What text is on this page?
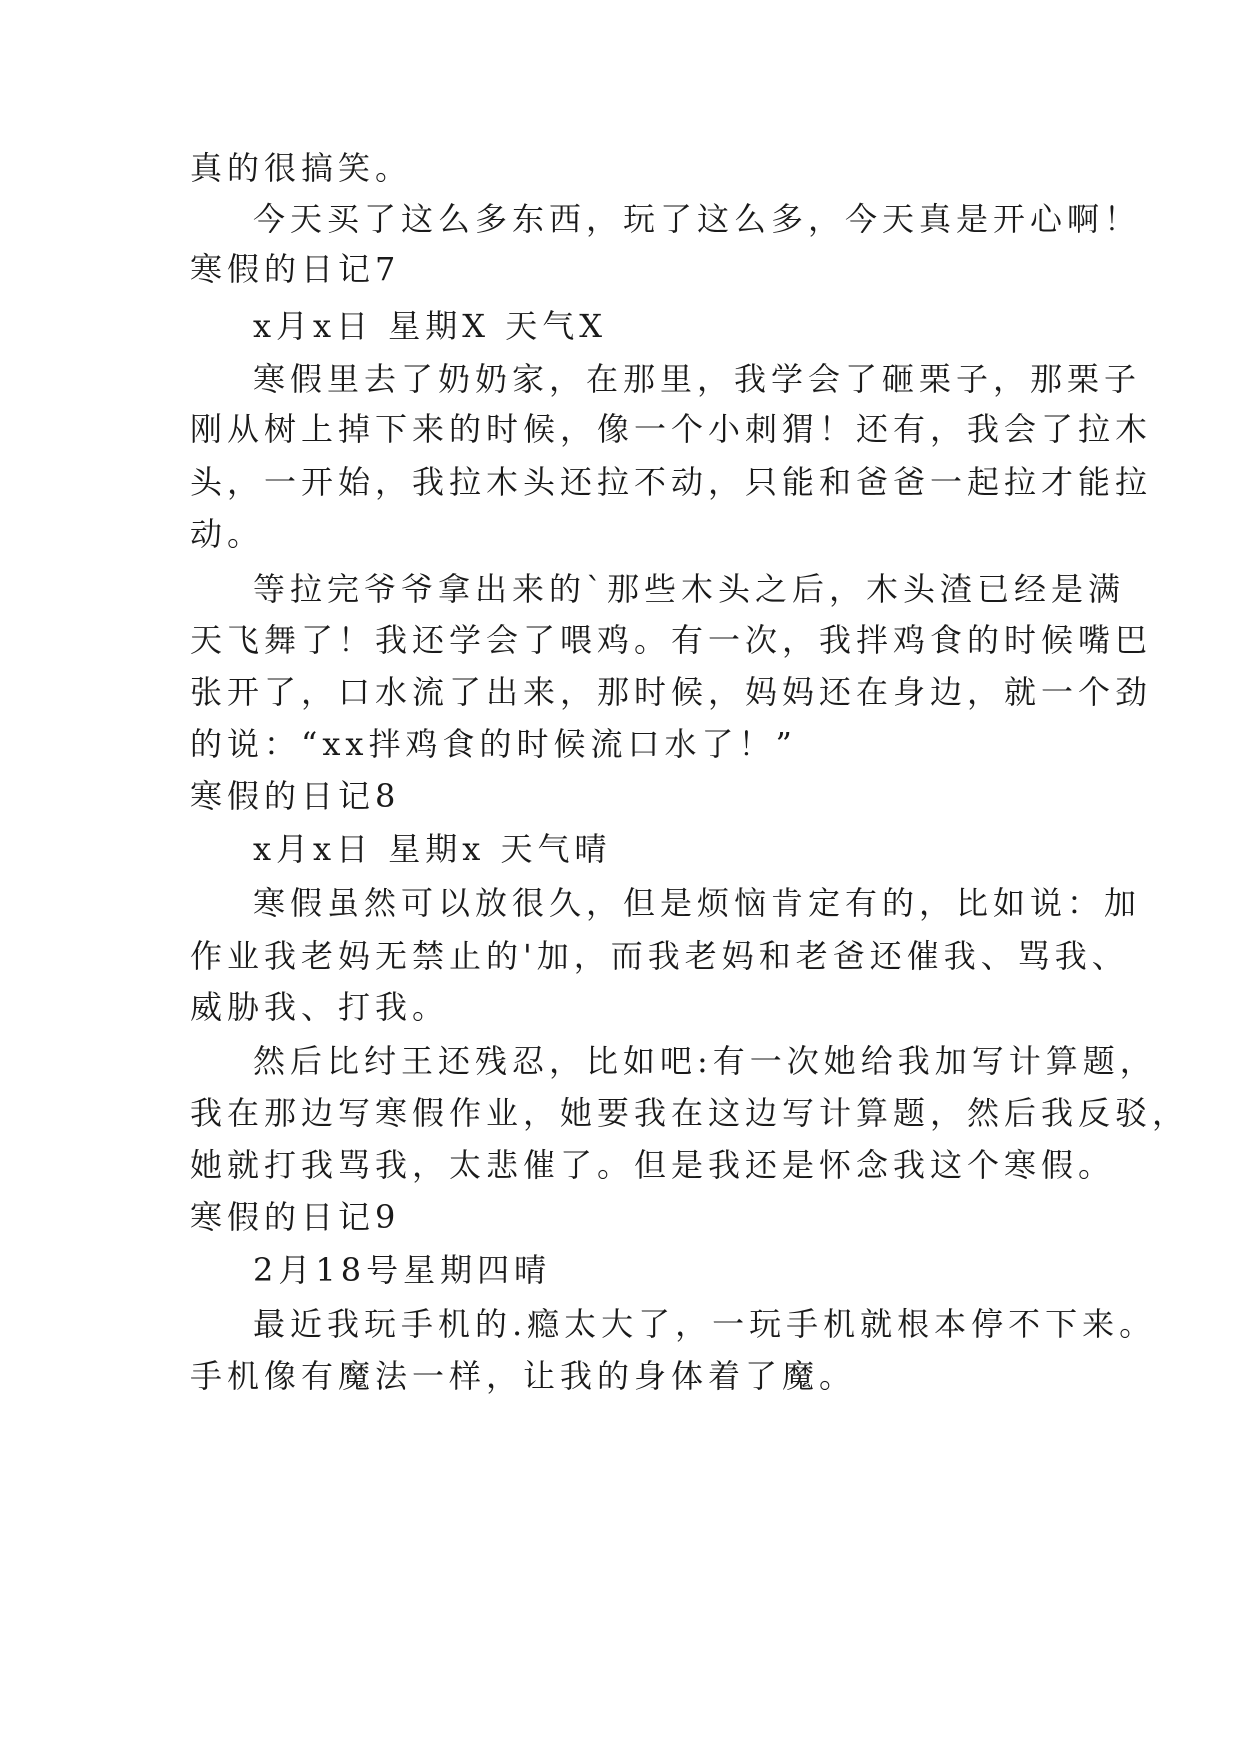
真的很搞笑。
今天买了这么多东西，玩了这么多，今天真是开心啊！
寒假的日记7
x月x日 星期X 天气X
寒假里去了奶奶家，在那里，我学会了砸栗子，那栗子
刚从树上掉下来的时候，像一个小刺猬！还有，我会了拉木
头，一开始，我拉木头还拉不动，只能和爸爸一起拉才能拉
动。
等拉完爷爷拿出来的`那些木头之后，木头渣已经是满
天飞舞了！我还学会了喂鸡。有一次，我拌鸡食的时候嘴巴
张开了，口水流了出来，那时候，妈妈还在身边，就一个劲
的说：“xx拌鸡食的时候流口水了！”
寒假的日记8
x月x日 星期x 天气晴
寒假虽然可以放很久，但是烦恼肯定有的，比如说：加
作业我老妈无禁止的'加，而我老妈和老爸还催我、骂我、
威胁我、打我。
然后比纣王还残忍，比如吧:有一次她给我加写计算题，
我在那边写寒假作业，她要我在这边写计算题，然后我反驳，
她就打我骂我，太悲催了。但是我还是怀念我这个寒假。
寒假的日记9
2月18号星期四晴
最近我玩手机的.瘾太大了，一玩手机就根本停不下来。
手机像有魔法一样，让我的身体着了魔。
